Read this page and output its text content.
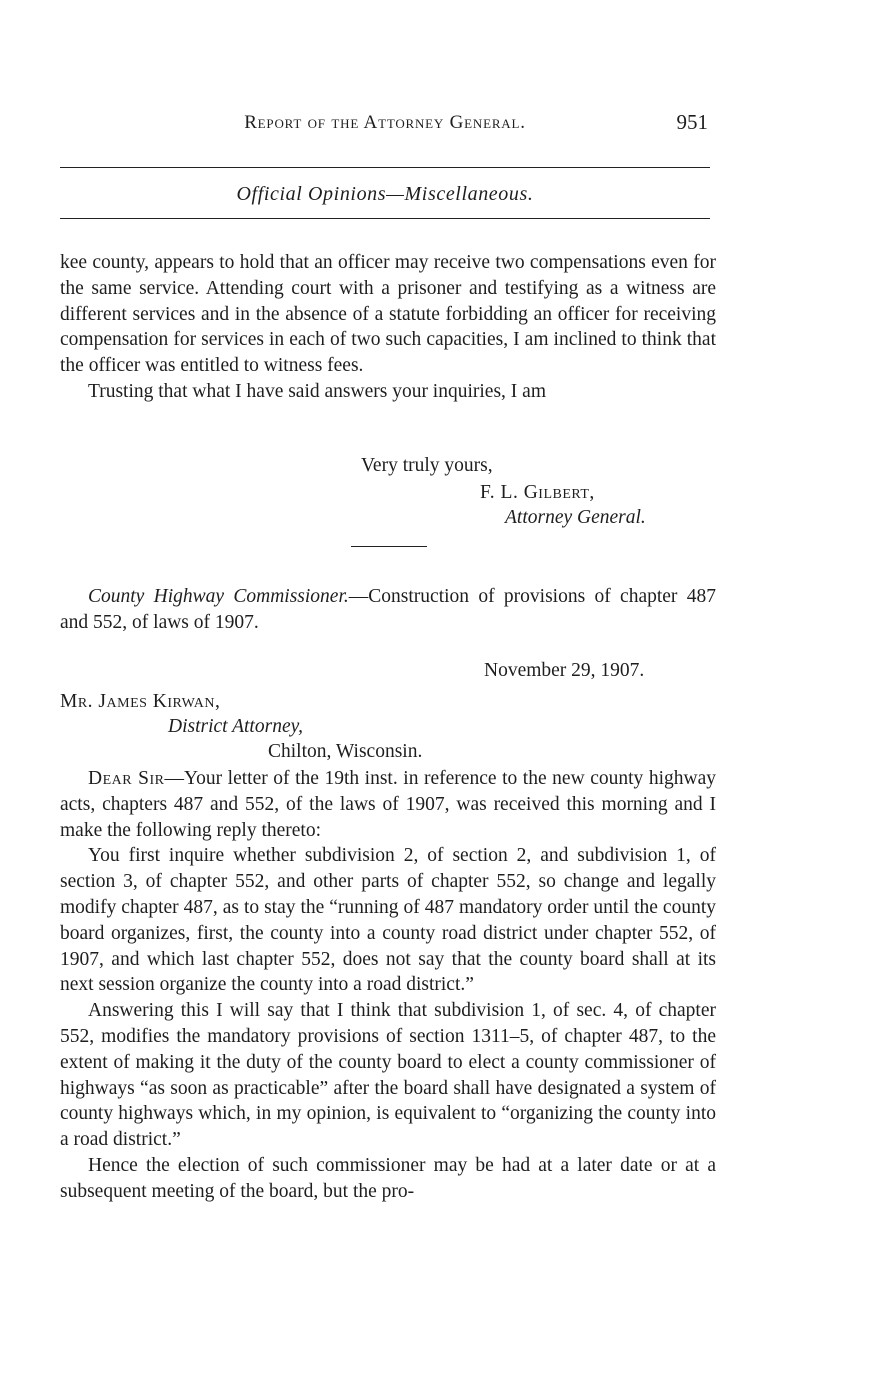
Report of the Attorney General.	951
Official Opinions—Miscellaneous.

kee county, appears to hold that an officer may receive two compensations even for the same service. Attending court with a prisoner and testifying as a witness are different services and in the absence of a statute forbidding an officer for receiving compensation for services in each of two such capacities, I am inclined to think that the officer was entitled to witness fees.

Trusting that what I have said answers your inquiries, I am

Very truly yours,
F. L. Gilbert,
Attorney General.

County Highway Commissioner.—Construction of provisions of chapter 487 and 552, of laws of 1907.

November 29, 1907.
Mr. James Kirwan,
District Attorney,
Chilton, Wisconsin.

Dear Sir—Your letter of the 19th inst. in reference to the new county highway acts, chapters 487 and 552, of the laws of 1907, was received this morning and I make the following reply thereto:

You first inquire whether subdivision 2, of section 2, and subdivision 1, of section 3, of chapter 552, and other parts of chapter 552, so change and legally modify chapter 487, as to stay the “running of 487 mandatory order until the county board organizes, first, the county into a county road district under chapter 552, of 1907, and which last chapter 552, does not say that the county board shall at its next session organize the county into a road district.”

Answering this I will say that I think that subdivision 1, of sec. 4, of chapter 552, modifies the mandatory provisions of section 1311–5, of chapter 487, to the extent of making it the duty of the county board to elect a county commissioner of highways “as soon as practicable” after the board shall have designated a system of county highways which, in my opinion, is equivalent to “organizing the county into a road district.”

Hence the election of such commissioner may be had at a later date or at a subsequent meeting of the board, but the pro-
